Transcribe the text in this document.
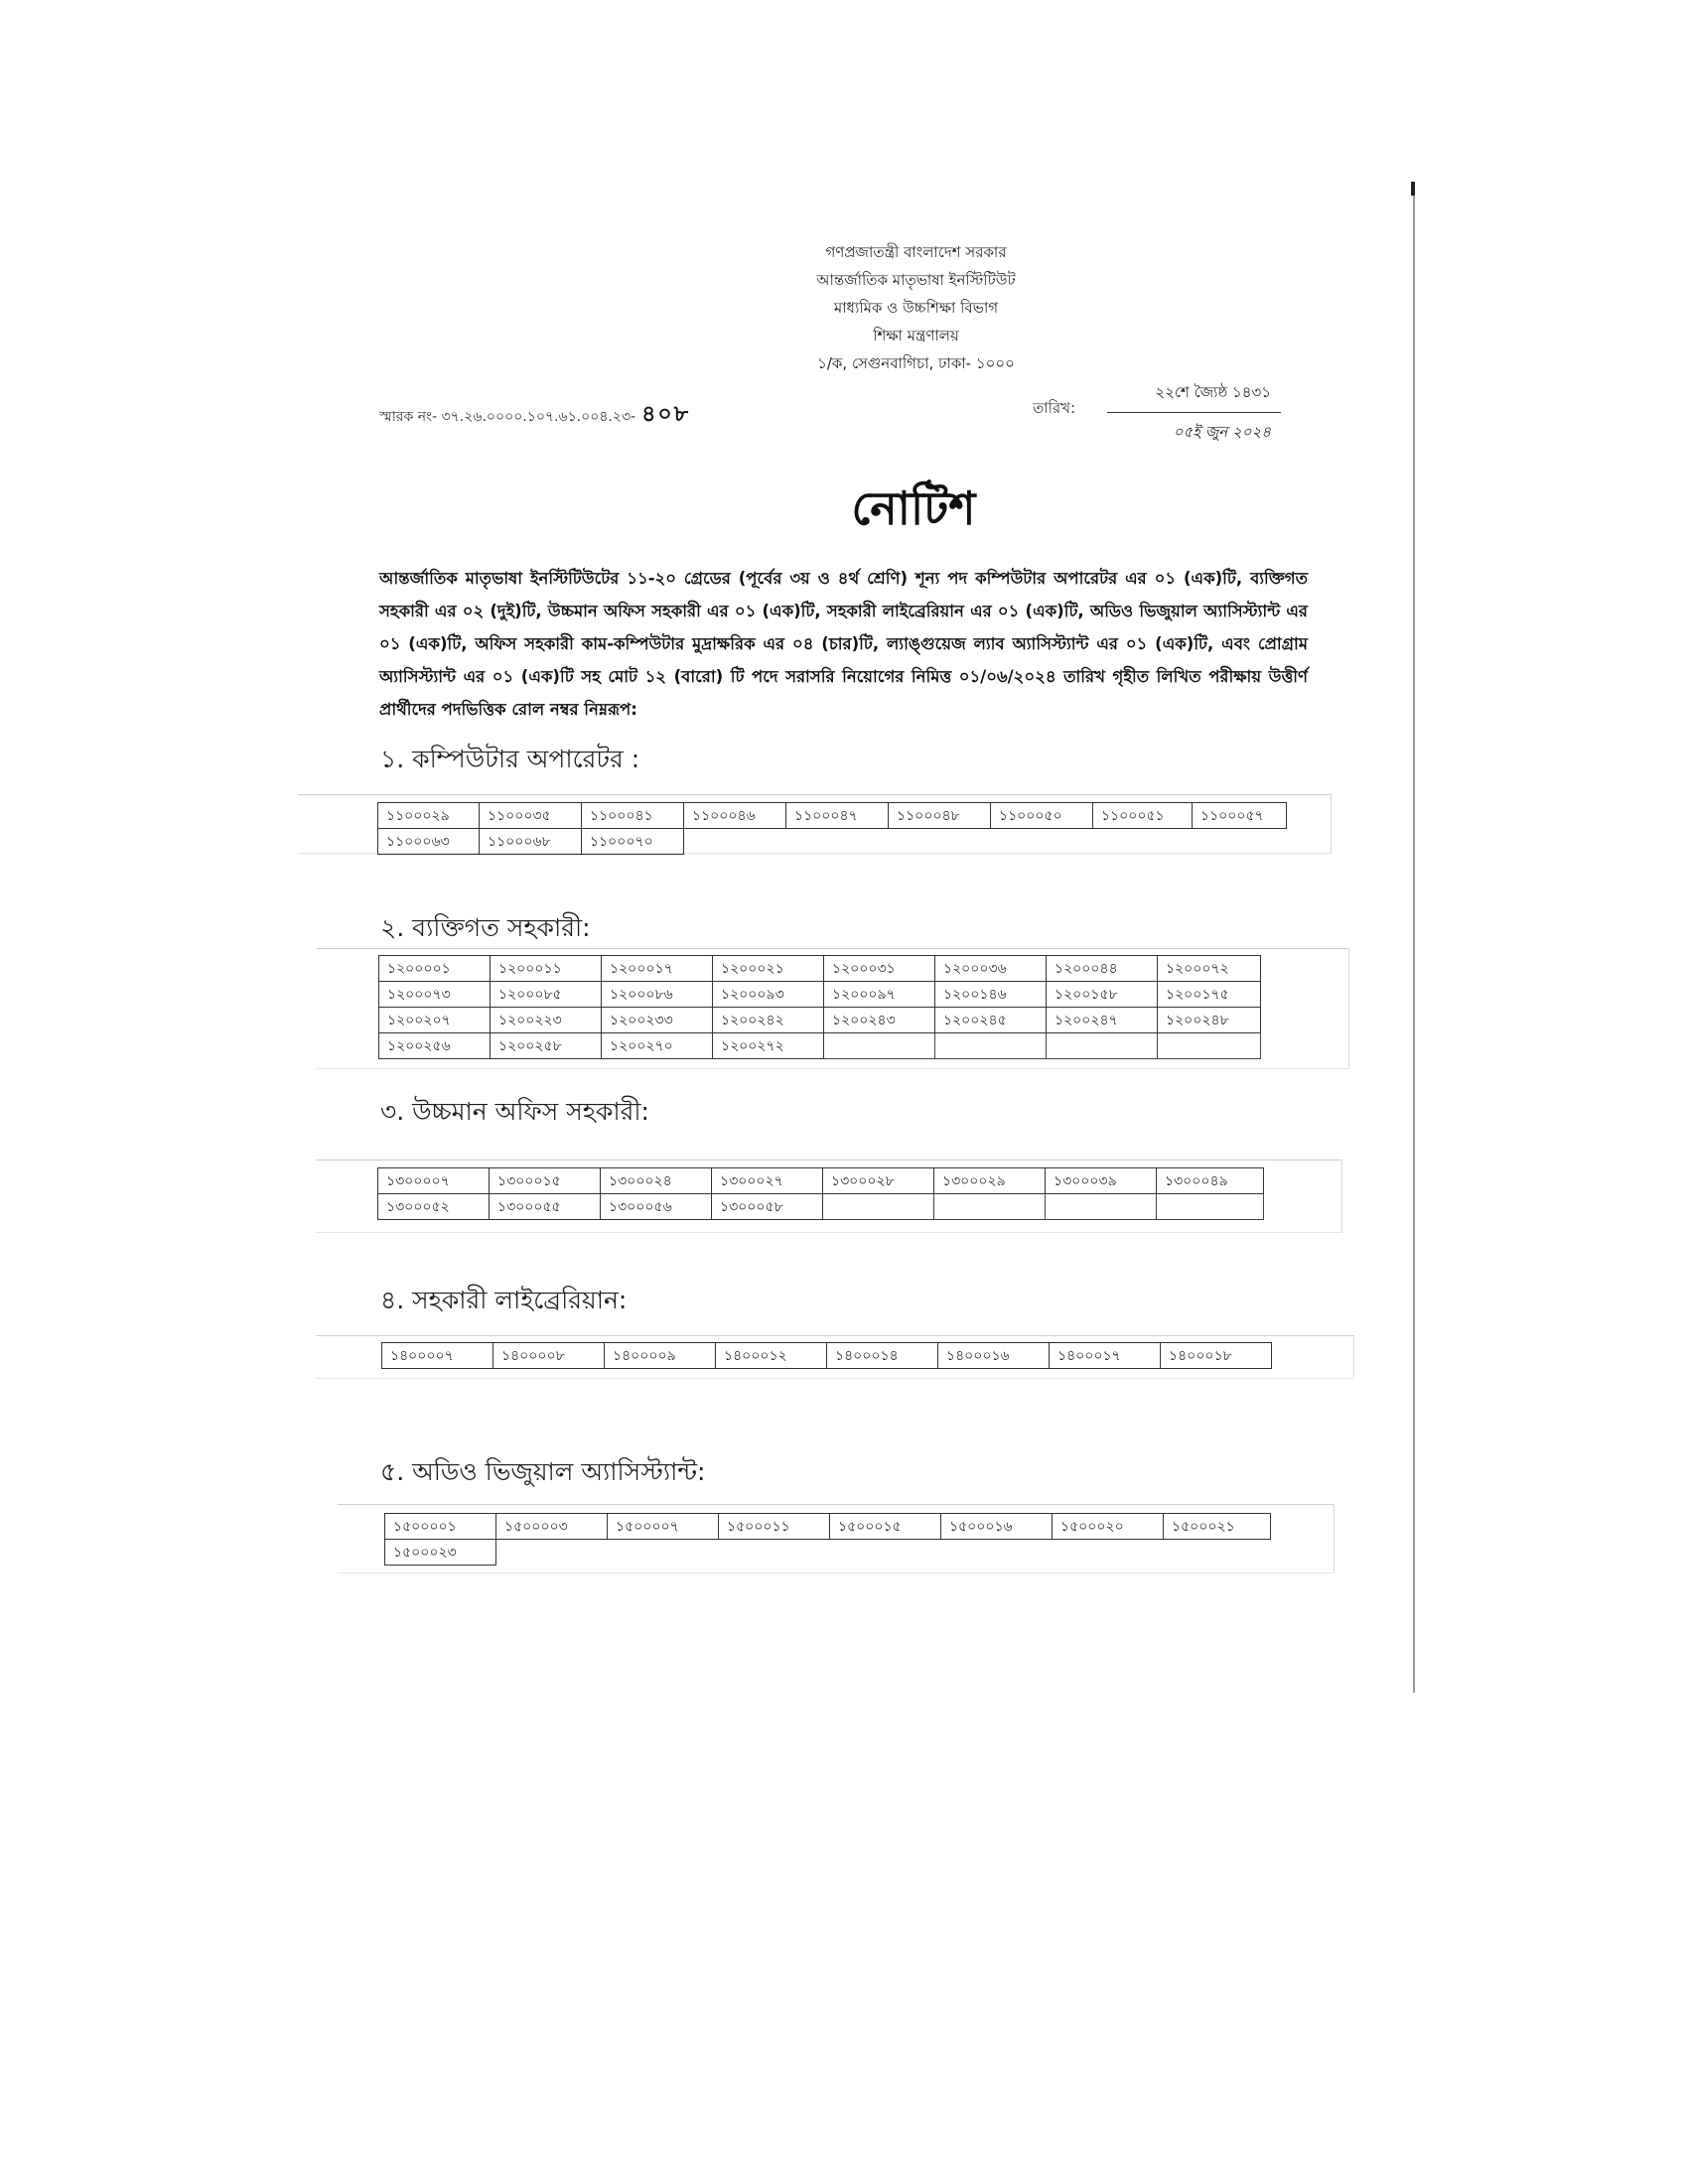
গণপ্রজাতন্ত্রী বাংলাদেশ সরকার
আন্তর্জাতিক মাতৃভাষা ইনস্টিটিউট
মাধ্যমিক ও উচ্চশিক্ষা বিভাগ
শিক্ষা মন্ত্রণালয়
১/ক, সেগুনবাগিচা, ঢাকা- ১০০০
স্মারক নং- ৩৭.২৬.০০০০.১০৭.৬১.০০৪.২৩- ৪০৮	তারিখ:
২২শে জ্যৈষ্ঠ ১৪৩১
০৫ই জুন ২০২৪
নোটিশ
আন্তর্জাতিক মাতৃভাষা ইনস্টিটিউটের ১১-২০ গ্রেডের (পূর্বের ৩য় ও ৪র্থ শ্রেণি) শূন্য পদ কম্পিউটার অপারেটর এর ০১ (এক)টি, ব্যক্তিগত সহকারী এর ০২ (দুই)টি, উচ্চমান অফিস সহকারী এর ০১ (এক)টি, সহকারী লাইব্রেরিয়ান এর ০১ (এক)টি, অডিও ভিজুয়াল অ্যাসিস্ট্যান্ট এর ০১ (এক)টি, অফিস সহকারী কাম-কম্পিউটার মুদ্রাক্ষরিক এর ০৪ (চার)টি, ল্যাঙ্গুয়েজ ল্যাব অ্যাসিস্ট্যান্ট এর ০১ (এক)টি, এবং প্রোগ্রাম অ্যাসিস্ট্যান্ট এর ০১ (এক)টি সহ মোট ১২ (বারো) টি পদে সরাসরি নিয়োগের নিমিত্ত ০১/০৬/২০২৪ তারিখ গৃহীত লিখিত পরীক্ষায় উত্তীর্ণ প্রার্থীদের পদভিত্তিক রোল নম্বর নিম্নরূপ:
১. কম্পিউটার অপারেটর :
১১০০০২৯	১১০০০৩৫	১১০০০৪১	১১০০০৪৬	১১০০০৪৭	১১০০০৪৮	১১০০০৫০	১১০০০৫১	১১০০০৫৭
১১০০০৬৩	১১০০০৬৮	১১০০০৭০						
২. ব্যক্তিগত সহকারী:
১২০০০০১	১২০০০১১	১২০০০১৭	১২০০০২১	১২০০০৩১	১২০০০৩৬	১২০০০৪৪	১২০০০৭২
১২০০০৭৩	১২০০০৮৫	১২০০০৮৬	১২০০০৯৩	১২০০০৯৭	১২০০১৪৬	১২০০১৫৮	১২০০১৭৫
১২০০২০৭	১২০০২২৩	১২০০২৩৩	১২০০২৪২	১২০০২৪৩	১২০০২৪৫	১২০০২৪৭	১২০০২৪৮
১২০০২৫৬	১২০০২৫৮	১২০০২৭০	১২০০২৭২				
৩. উচ্চমান অফিস সহকারী:
১৩০০০০৭	১৩০০০১৫	১৩০০০২৪	১৩০০০২৭	১৩০০০২৮	১৩০০০২৯	১৩০০০৩৯	১৩০০০৪৯
১৩০০০৫২	১৩০০০৫৫	১৩০০০৫৬	১৩০০০৫৮				
৪. সহকারী লাইব্রেরিয়ান:
১৪০০০০৭	১৪০০০০৮	১৪০০০০৯	১৪০০০১২	১৪০০০১৪	১৪০০০১৬	১৪০০০১৭	১৪০০০১৮
৫. অডিও ভিজুয়াল অ্যাসিস্ট্যান্ট:
১৫০০০০১	১৫০০০০৩	১৫০০০০৭	১৫০০০১১	১৫০০০১৫	১৫০০০১৬	১৫০০০২০	১৫০০০২১
১৫০০০২৩
